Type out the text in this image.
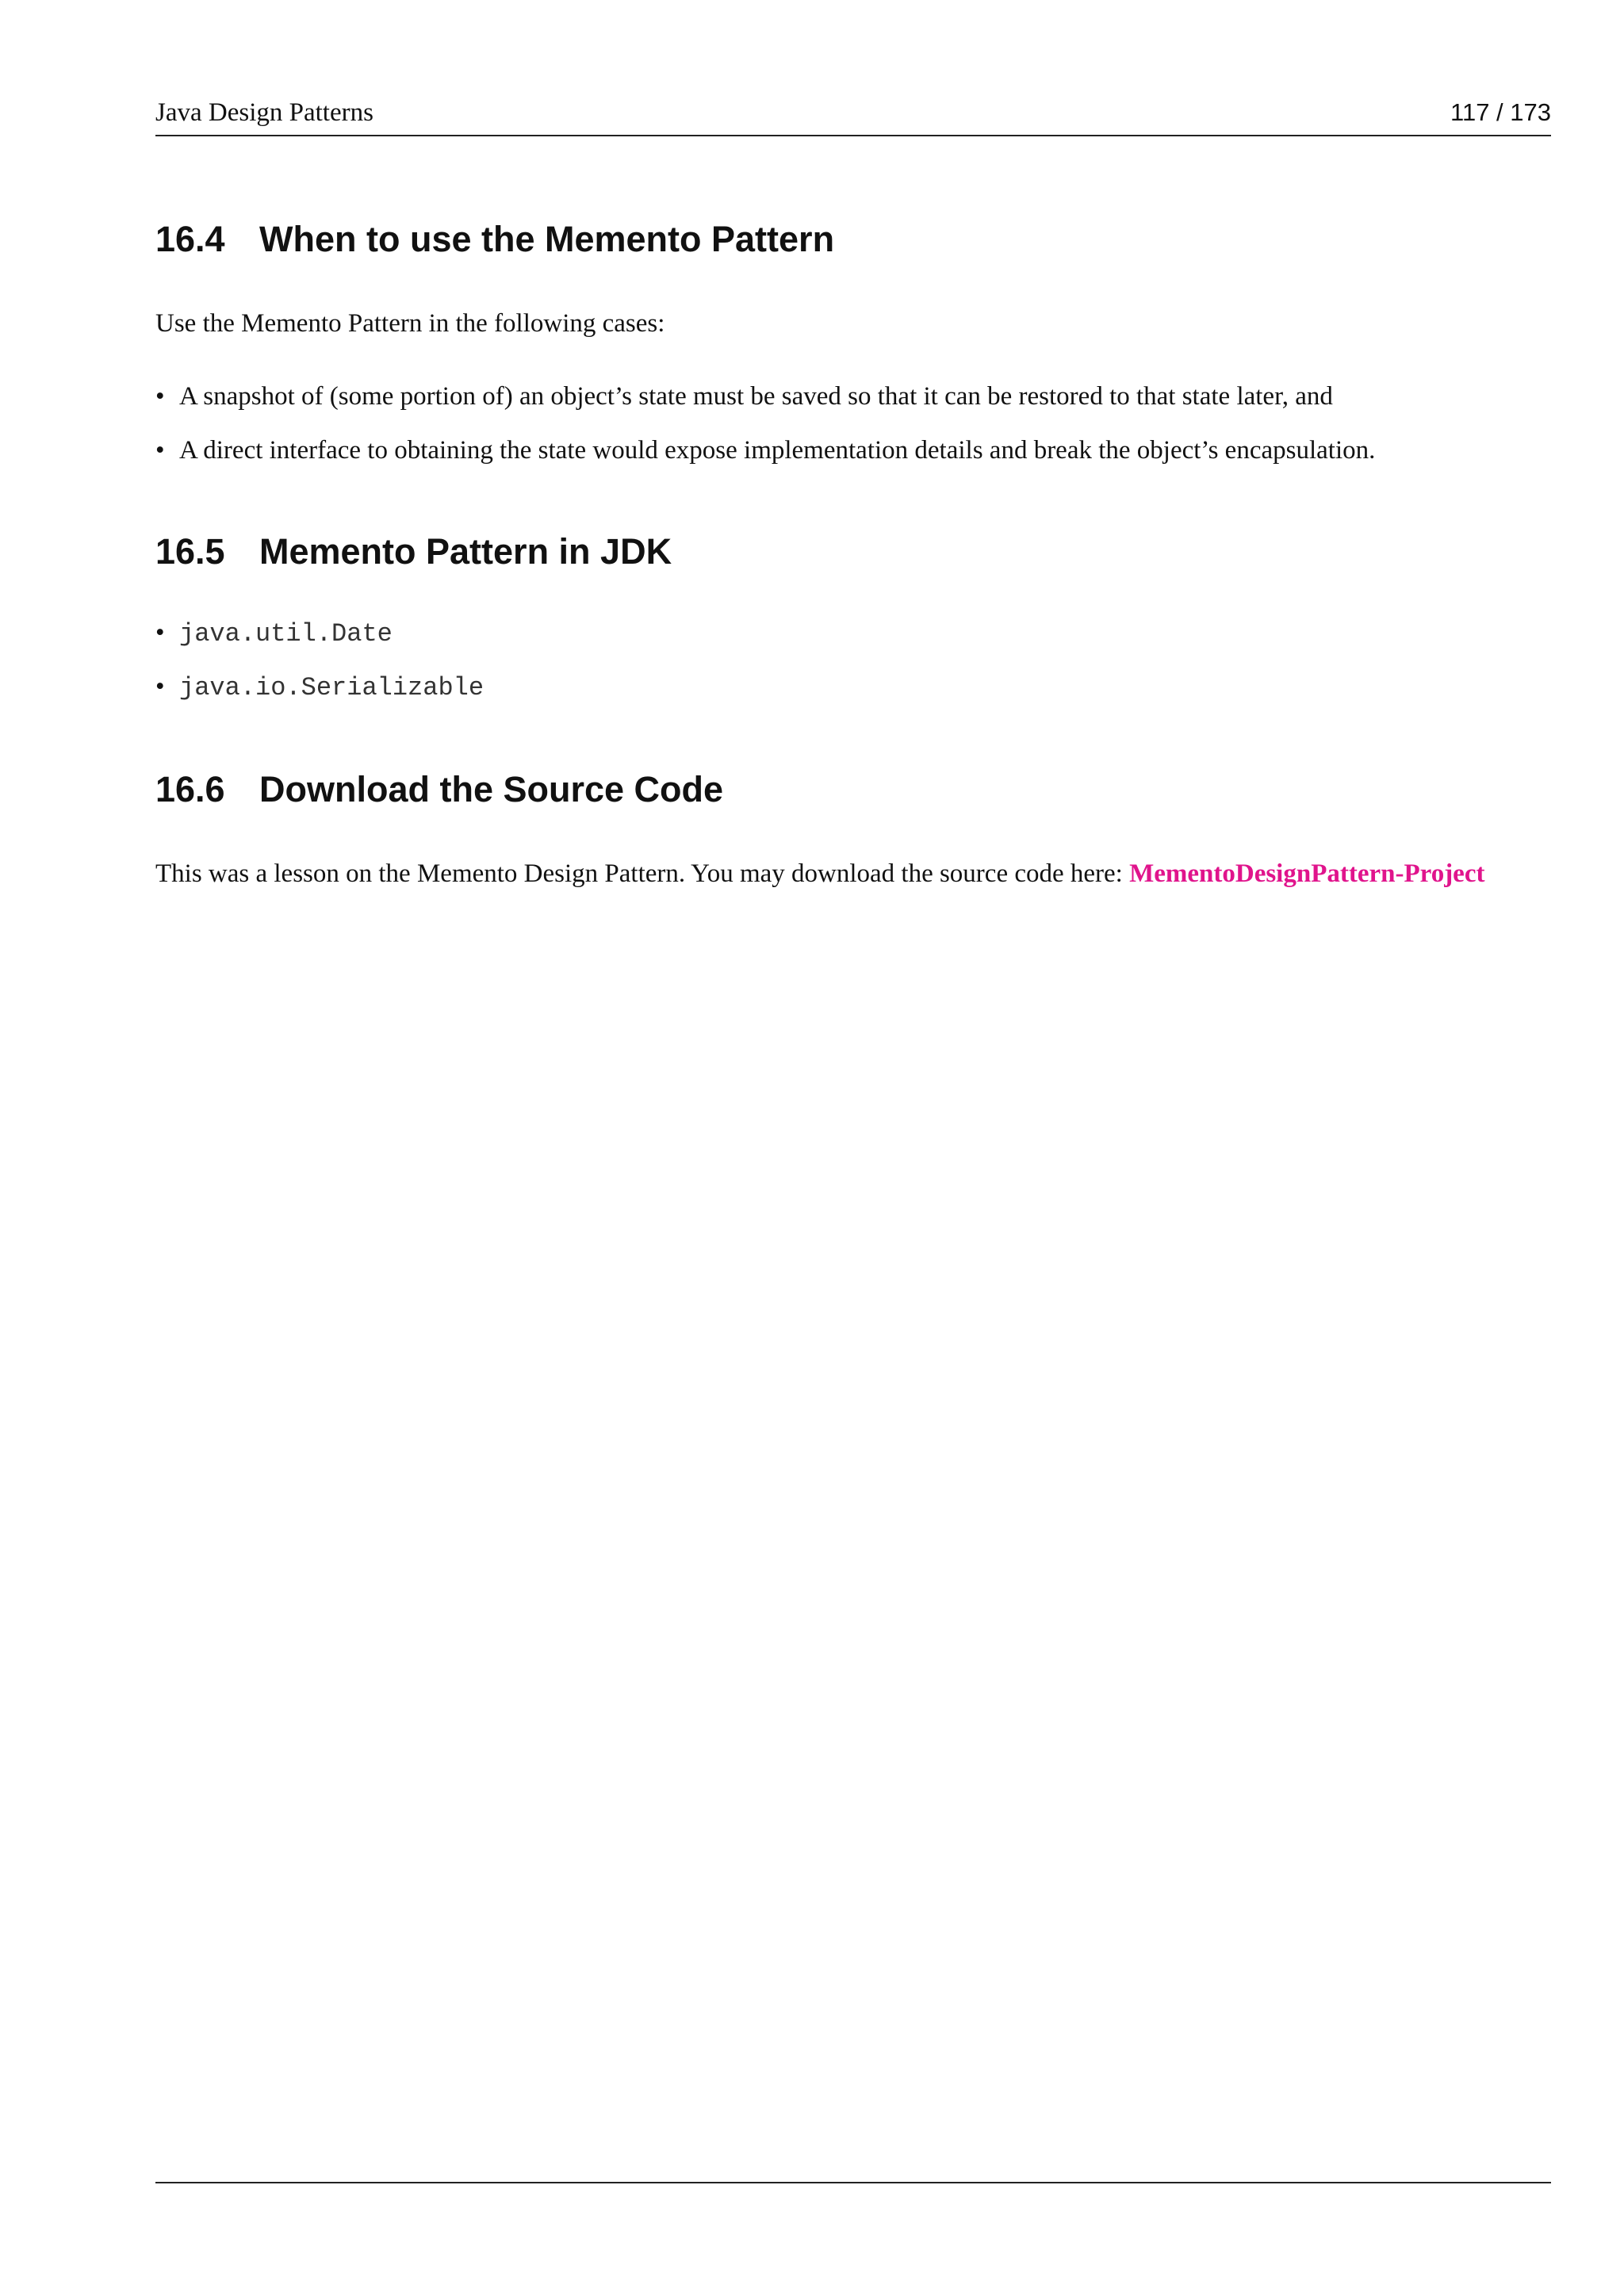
Java Design Patterns	117 / 173
16.4 When to use the Memento Pattern
Use the Memento Pattern in the following cases:
• A snapshot of (some portion of) an object’s state must be saved so that it can be restored to that state later, and
• A direct interface to obtaining the state would expose implementation details and break the object’s encapsulation.
16.5 Memento Pattern in JDK
• java.util.Date
• java.io.Serializable
16.6 Download the Source Code
This was a lesson on the Memento Design Pattern. You may download the source code here: MementoDesignPattern-Project
